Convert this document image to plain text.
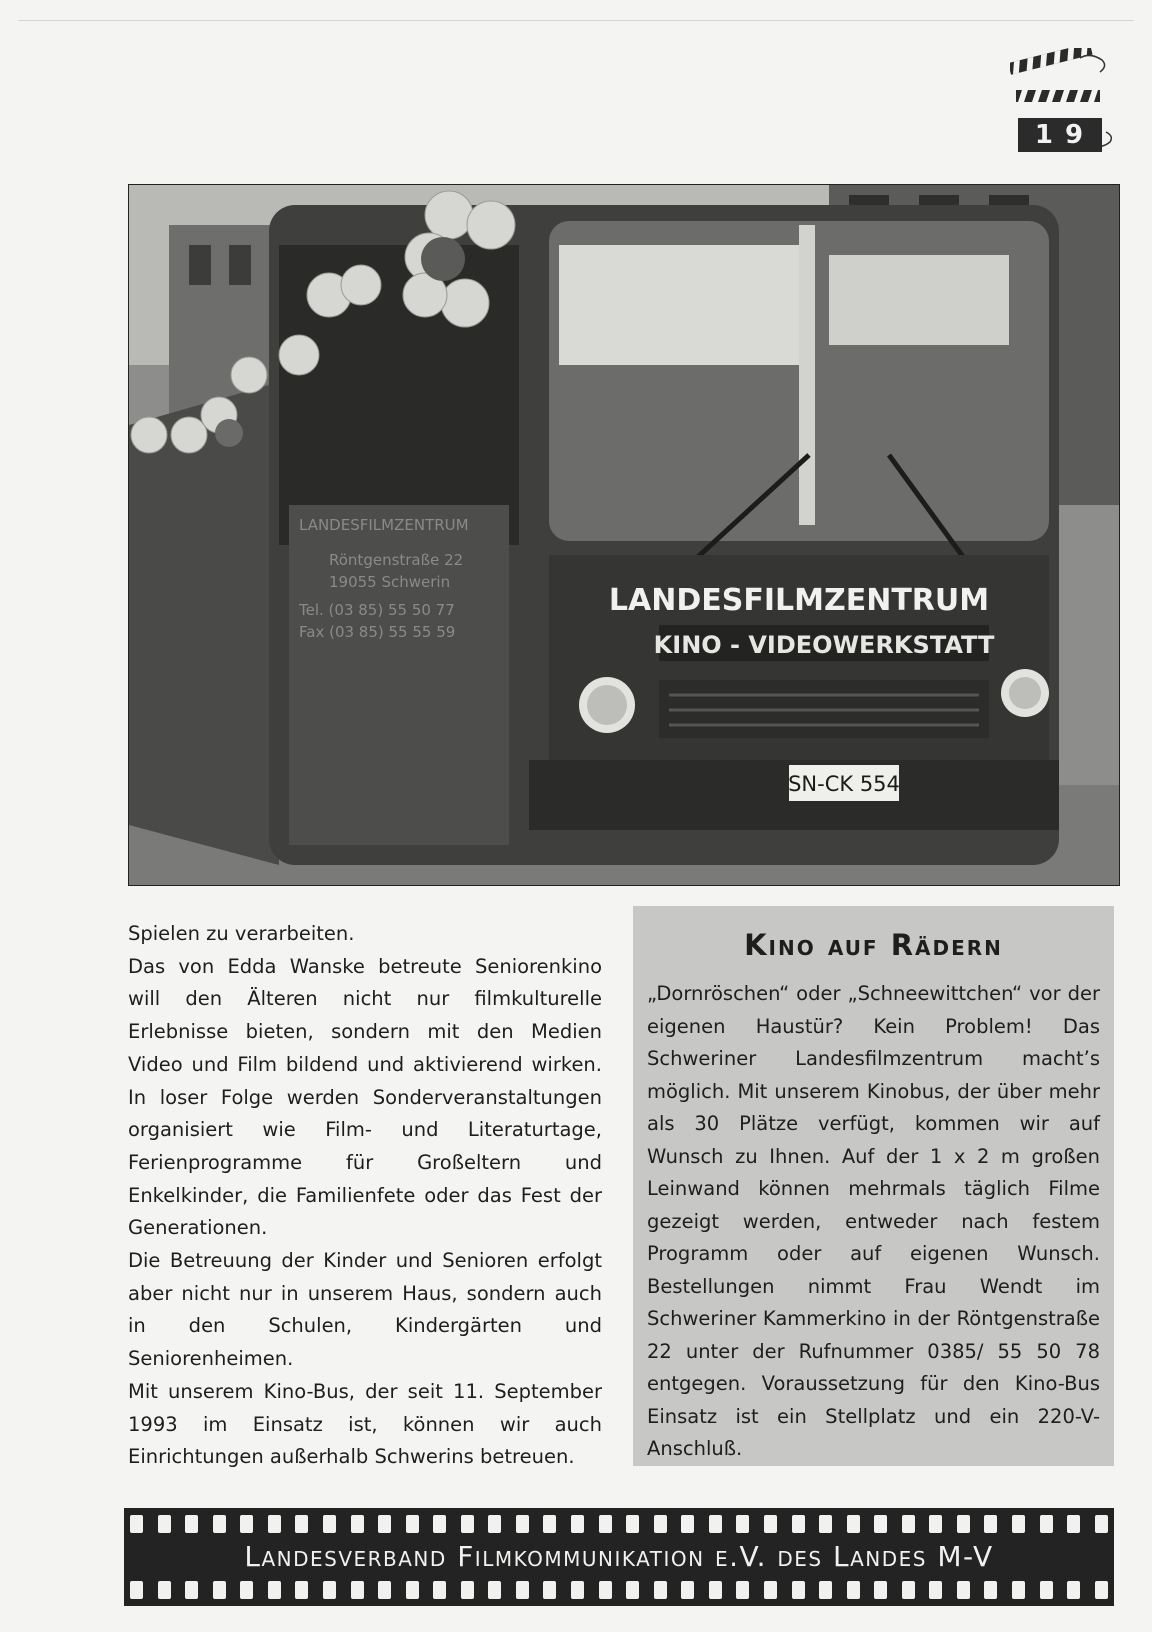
19
LANDESFILMZENTRUM
KINO - VIDEOWERKSTATT
SN-CK 554
LANDESFILMZENTRUM
Röntgenstraße 22
19055 Schwerin
Tel. (03 85) 55 50 77
Fax (03 85) 55 55 59

Spielen zu verarbeiten.

Das von Edda Wanske betreute Seniorenkino will den Älteren nicht nur filmkulturelle Erlebnisse bieten, sondern mit den Medien Video und Film bildend und aktivierend wirken. In loser Folge werden Sonderveranstaltungen organisiert wie Film- und Literaturtage, Ferienprogramme für Großeltern und Enkelkinder, die Familienfete oder das Fest der Generationen.

Die Betreuung der Kinder und Senioren erfolgt aber nicht nur in unserem Haus, sondern auch in den Schulen, Kindergärten und Seniorenheimen.

Mit unserem Kino-Bus, der seit 11. September 1993 im Einsatz ist, können wir auch Einrichtungen außerhalb Schwerins betreuen.

Kino auf Rädern

„Dornröschen“ oder „Schneewittchen“ vor der eigenen Haustür? Kein Problem! Das Schweriner Landesfilmzentrum macht’s möglich. Mit unserem Kinobus, der über mehr als 30 Plätze verfügt, kommen wir auf Wunsch zu Ihnen. Auf der 1 x 2 m großen Leinwand können mehrmals täglich Filme gezeigt werden, entweder nach festem Programm oder auf eigenen Wunsch. Bestellungen nimmt Frau Wendt im Schweriner Kammerkino in der Röntgenstraße 22 unter der Rufnummer 0385/ 55 50 78 entgegen. Voraussetzung für den Kino-Bus Einsatz ist ein Stellplatz und ein 220-V-Anschluß.

Landesverband Filmkommunikation e.V. des Landes M-V
